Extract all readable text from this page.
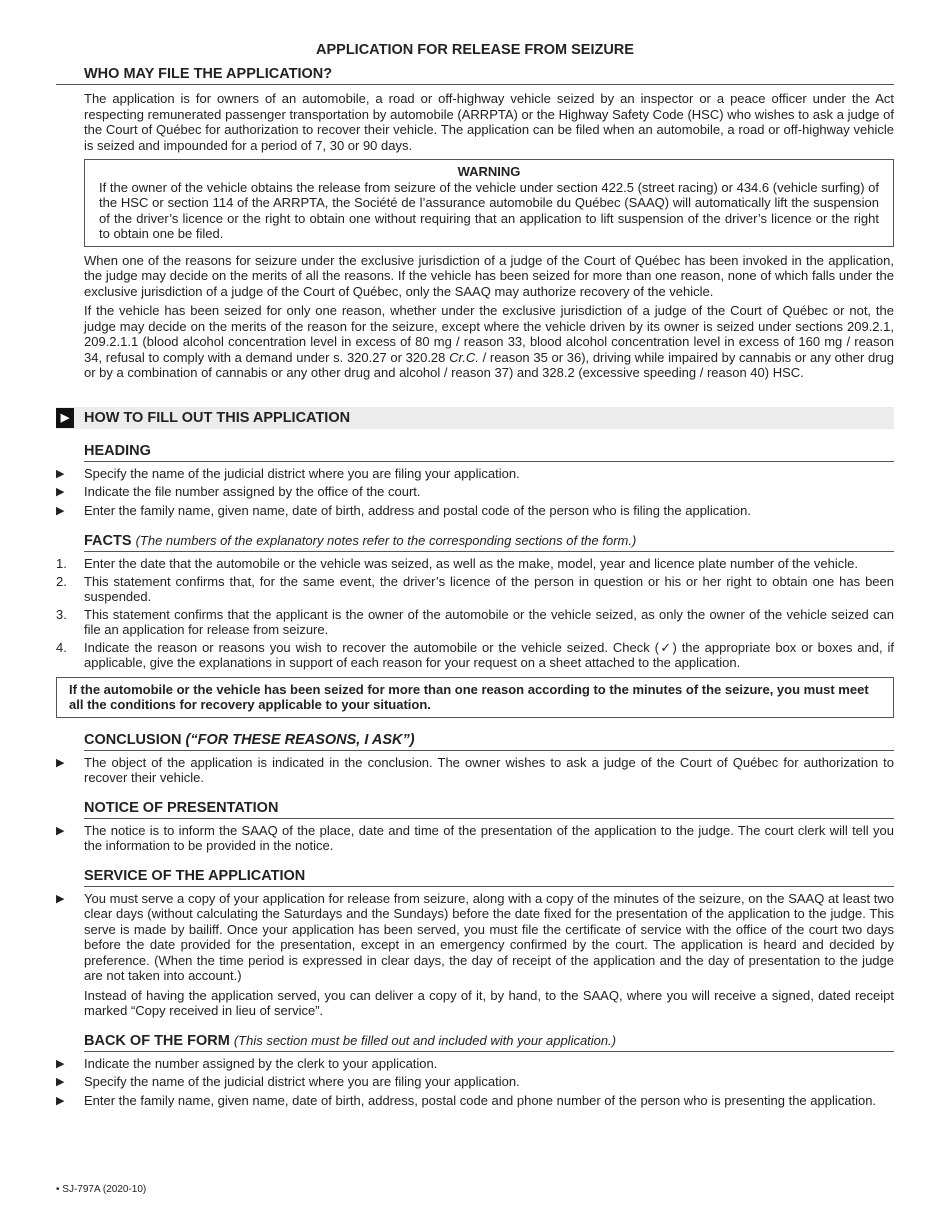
APPLICATION FOR RELEASE FROM SEIZURE
WHO MAY FILE THE APPLICATION?

The application is for owners of an automobile, a road or off-highway vehicle seized by an inspector or a peace officer under the Act respecting remunerated passenger transportation by automobile (ARRPTA) or the Highway Safety Code (HSC) who wishes to ask a judge of the Court of Québec for authorization to recover their vehicle. The application can be filed when an automobile, a road or off-highway vehicle is seized and impounded for a period of 7, 30 or 90 days.

WARNING
If the owner of the vehicle obtains the release from seizure of the vehicle under section 422.5 (street racing) or 434.6 (vehicle surfing) of the HSC or section 114 of the ARRPTA, the Société de l’assurance automobile du Québec (SAAQ) will automatically lift the suspension of the driver’s licence or the right to obtain one without requiring that an application to lift suspension of the driver’s licence or the right to obtain one be filed.

When one of the reasons for seizure under the exclusive jurisdiction of a judge of the Court of Québec has been invoked in the application, the judge may decide on the merits of all the reasons. If the vehicle has been seized for more than one reason, none of which falls under the exclusive jurisdiction of a judge of the Court of Québec, only the SAAQ may authorize recovery of the vehicle.

If the vehicle has been seized for only one reason, whether under the exclusive jurisdiction of a judge of the Court of Québec or not, the judge may decide on the merits of the reason for the seizure, except where the vehicle driven by its owner is seized under sections 209.2.1, 209.2.1.1 (blood alcohol concentration level in excess of 80 mg / reason 33, blood alcohol concentration level in excess of 160 mg / reason 34, refusal to comply with a demand under s. 320.27 or 320.28 Cr.C. / reason 35 or 36), driving while impaired by cannabis or any other drug or by a combination of cannabis or any other drug and alcohol / reason 37) and 328.2 (excessive speeding / reason 40) HSC.

▶	HOW TO FILL OUT THIS APPLICATION
HEADING
▶	Specify the name of the judicial district where you are filing your application.
▶	Indicate the file number assigned by the office of the court.
▶	Enter the family name, given name, date of birth, address and postal code of the person who is filing the application.
FACTS (The numbers of the explanatory notes refer to the corresponding sections of the form.)
1.	Enter the date that the automobile or the vehicle was seized, as well as the make, model, year and licence plate number of the vehicle.
2.	This statement confirms that, for the same event, the driver’s licence of the person in question or his or her right to obtain one has been suspended.
3.	This statement confirms that the applicant is the owner of the automobile or the vehicle seized, as only the owner of the vehicle seized can file an application for release from seizure.
4.	Indicate the reason or reasons you wish to recover the automobile or the vehicle seized. Check (✓) the appropriate box or boxes and, if applicable, give the explanations in support of each reason for your request on a sheet attached to the application.
If the automobile or the vehicle has been seized for more than one reason according to the minutes of the seizure, you must meet all the conditions for recovery applicable to your situation.
CONCLUSION (“FOR THESE REASONS, I ASK”)
▶	The object of the application is indicated in the conclusion. The owner wishes to ask a judge of the Court of Québec for authorization to recover their vehicle.
NOTICE OF PRESENTATION
▶	The notice is to inform the SAAQ of the place, date and time of the presentation of the application to the judge. The court clerk will tell you the information to be provided in the notice.
SERVICE OF THE APPLICATION
▶	You must serve a copy of your application for release from seizure, along with a copy of the minutes of the seizure, on the SAAQ at least two clear days (without calculating the Saturdays and the Sundays) before the date fixed for the presentation of the application to the judge. This serve is made by bailiff. Once your application has been served, you must file the certificate of service with the office of the court two days before the date provided for the presentation, except in an emergency confirmed by the court. The application is heard and decided by preference. (When the time period is expressed in clear days, the day of receipt of the application and the day of presentation to the judge are not taken into account.)

Instead of having the application served, you can deliver a copy of it, by hand, to the SAAQ, where you will receive a signed, dated receipt marked “Copy received in lieu of service”.

BACK OF THE FORM (This section must be filled out and included with your application.)
▶	Indicate the number assigned by the clerk to your application.
▶	Specify the name of the judicial district where you are filing your application.
▶	Enter the family name, given name, date of birth, address, postal code and phone number of the person who is presenting the application.
• SJ-797A (2020-10)
